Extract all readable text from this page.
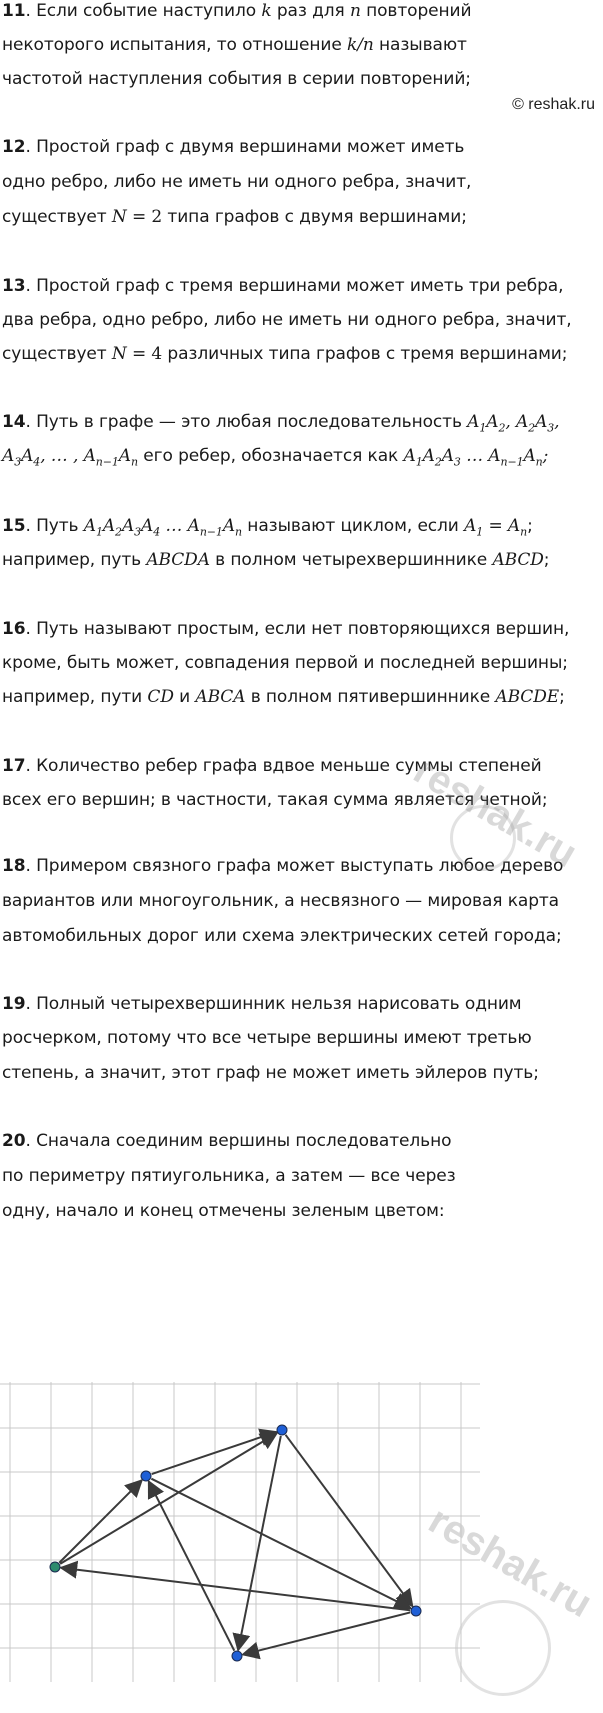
11. Если событие наступило k раз для n повторений
некоторого испытания, то отношение k/n называют
частотой наступления события в серии повторений;
© reshak.ru
12. Простой граф с двумя вершинами может иметь
одно ребро, либо не иметь ни одного ребра, значит,
существует N = 2 типа графов с двумя вершинами;
13. Простой граф с тремя вершинами может иметь три ребра,
два ребра, одно ребро, либо не иметь ни одного ребра, значит,
существует N = 4 различных типа графов с тремя вершинами;
14. Путь в графе — это любая последовательность $A_1A_2$, $A_2A_3$,
$A_3A_4$, … , $A_{n-1}A_n$ его ребер, обозначается как $A_1A_2A_3$ … $A_{n-1}A_n$;
15. Путь $A_1A_2A_3A_4$ … $A_{n-1}A_n$ называют циклом, если $A_1 = A_n$;
например, путь ABCDA в полном четырехвершиннике ABCD;
16. Путь называют простым, если нет повторяющихся вершин,
кроме, быть может, совпадения первой и последней вершины;
например, пути CD и ABCA в полном пятивершиннике ABCDE;
17. Количество ребер графа вдвое меньше суммы степеней
всех его вершин; в частности, такая сумма является четной;
18. Примером связного графа может выступать любое дерево
вариантов или многоугольник, а несвязного — мировая карта
автомобильных дорог или схема электрических сетей города;
19. Полный четырехвершинник нельзя нарисовать одним
росчерком, потому что все четыре вершины имеют третью
степень, а значит, этот граф не может иметь эйлеров путь;
20. Сначала соединим вершины последовательно
по периметру пятиугольника, а затем — все через
одну, начало и конец отмечены зеленым цветом:
reshak.ru
reshak.ru
